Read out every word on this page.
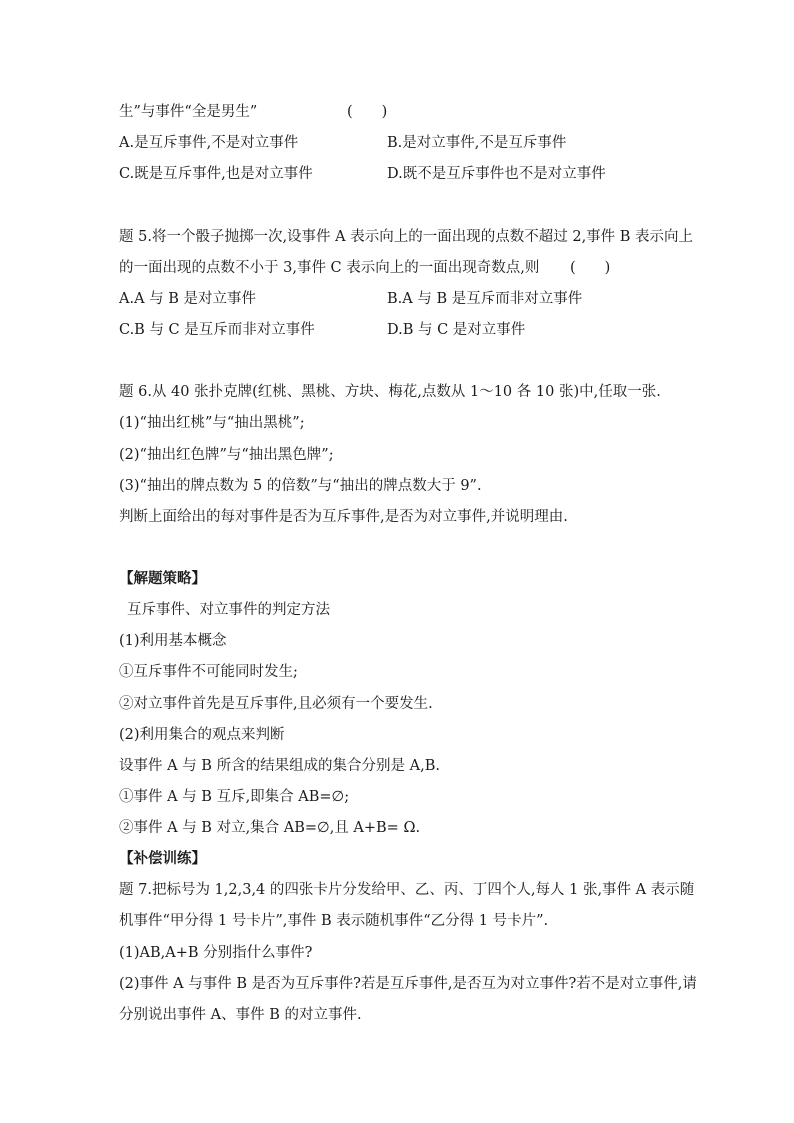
生”与事件“全是男生”	(　　)
A.是互斥事件,不是对立事件	B.是对立事件,不是互斥事件
C.既是互斥事件,也是对立事件	D.既不是互斥事件也不是对立事件
题 5.将一个骰子抛掷一次,设事件 A 表示向上的一面出现的点数不超过 2,事件 B 表示向上
的一面出现的点数不小于 3,事件 C 表示向上的一面出现奇数点,则 (　　)
A.A 与 B 是对立事件	B.A 与 B 是互斥而非对立事件
C.B 与 C 是互斥而非对立事件	D.B 与 C 是对立事件
题 6.从 40 张扑克牌(红桃、黑桃、方块、梅花,点数从 1～10 各 10 张)中,任取一张.
(1)“抽出红桃”与“抽出黑桃”;
(2)“抽出红色牌”与“抽出黑色牌”;
(3)“抽出的牌点数为 5 的倍数”与“抽出的牌点数大于 9”.
判断上面给出的每对事件是否为互斥事件,是否为对立事件,并说明理由.
【解题策略】
互斥事件、对立事件的判定方法
(1)利用基本概念
①互斥事件不可能同时发生;
②对立事件首先是互斥事件,且必须有一个要发生.
(2)利用集合的观点来判断
设事件 A 与 B 所含的结果组成的集合分别是 A,B.
①事件 A 与 B 互斥,即集合 AB=∅;
②事件 A 与 B 对立,集合 AB=∅,且 A+B= Ω.
【补偿训练】
题 7.把标号为 1,2,3,4 的四张卡片分发给甲、乙、丙、丁四个人,每人 1 张,事件 A 表示随
机事件“甲分得 1 号卡片”,事件 B 表示随机事件“乙分得 1 号卡片”.
(1)AB,A+B 分别指什么事件?
(2)事件 A 与事件 B 是否为互斥事件?若是互斥事件,是否互为对立事件?若不是对立事件,请
分别说出事件 A、事件 B 的对立事件.
